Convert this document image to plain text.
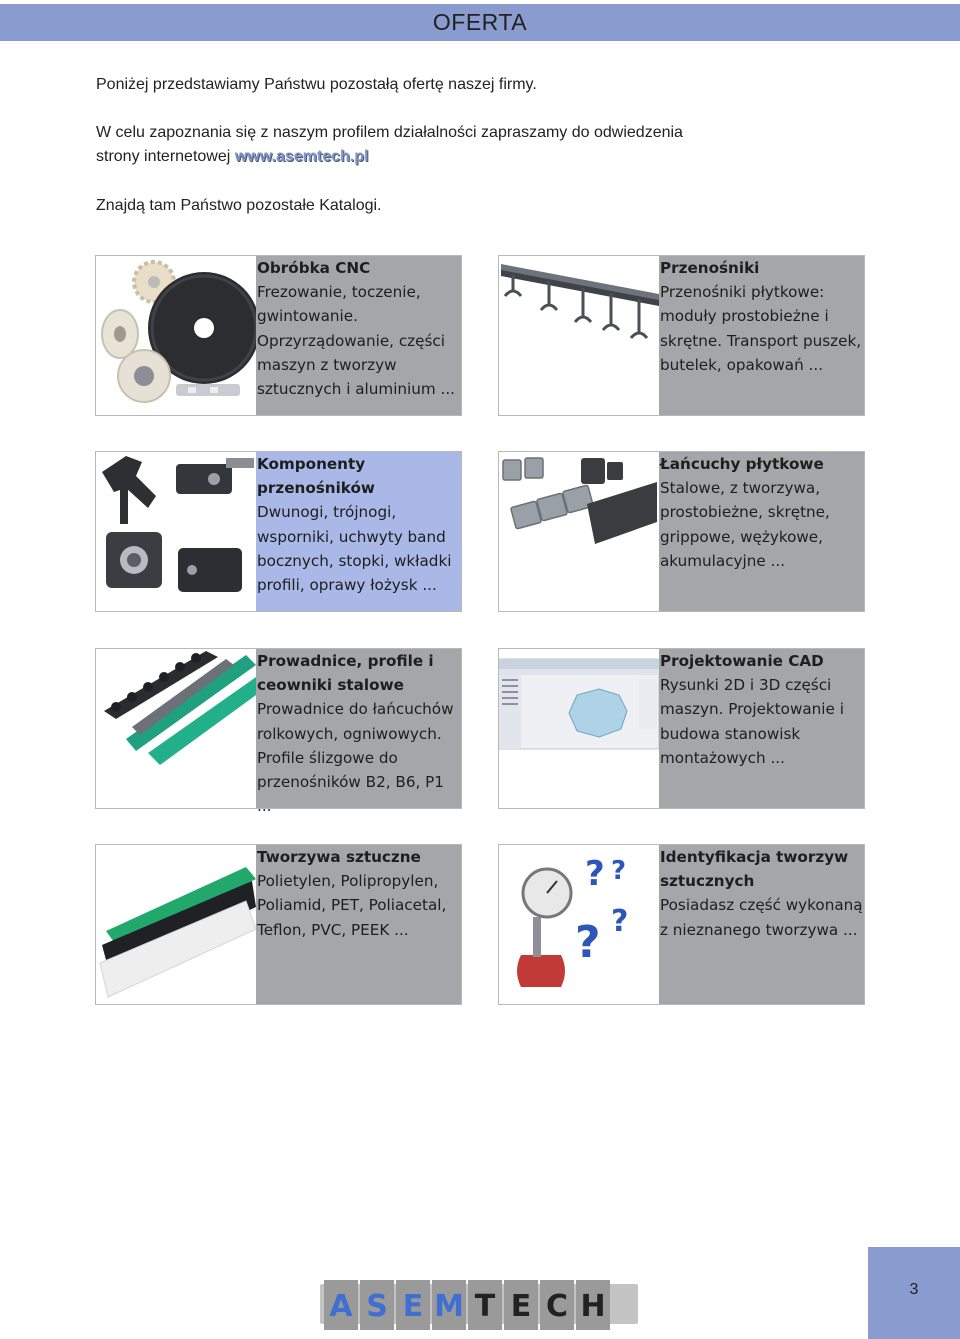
OFERTA
Poniżej przedstawiamy Państwu pozostałą ofertę naszej firmy.
W celu zapoznania się z naszym profilem działalności zapraszamy do odwiedzenia
strony internetowej www.asemtech.pl
Znajdą tam Państwo pozostałe Katalogi.
Obróbka CNC
Frezowanie, toczenie, gwintowanie. Oprzyrządowanie, części maszyn z tworzyw sztucznych i aluminium ...
Przenośniki
Przenośniki płytkowe: moduły prostobieżne i skrętne. Transport puszek, butelek, opakowań ...
Komponenty przenośników
Dwunogi, trójnogi, wsporniki, uchwyty band bocznych, stopki, wkładki profili, oprawy łożysk ...
Łańcuchy płytkowe
Stalowe, z tworzywa, prostobieżne, skrętne, grippowe, wężykowe, akumulacyjne ...
Prowadnice, profile i ceowniki stalowe
Prowadnice do łańcuchów rolkowych, ogniwowych. Profile ślizgowe do przenośników B2, B6, P1 ...
Projektowanie CAD
Rysunki 2D i 3D części maszyn. Projektowanie i budowa stanowisk montażowych ...
Tworzywa sztuczne
Polietylen, Polipropylen, Poliamid, PET, Poliacetal, Teflon, PVC, PEEK ...
? ?
? ?
Identyfikacja tworzyw sztucznych
Posiadasz część wykonaną z nieznanego tworzywa ...
A S E M T E C H	3
